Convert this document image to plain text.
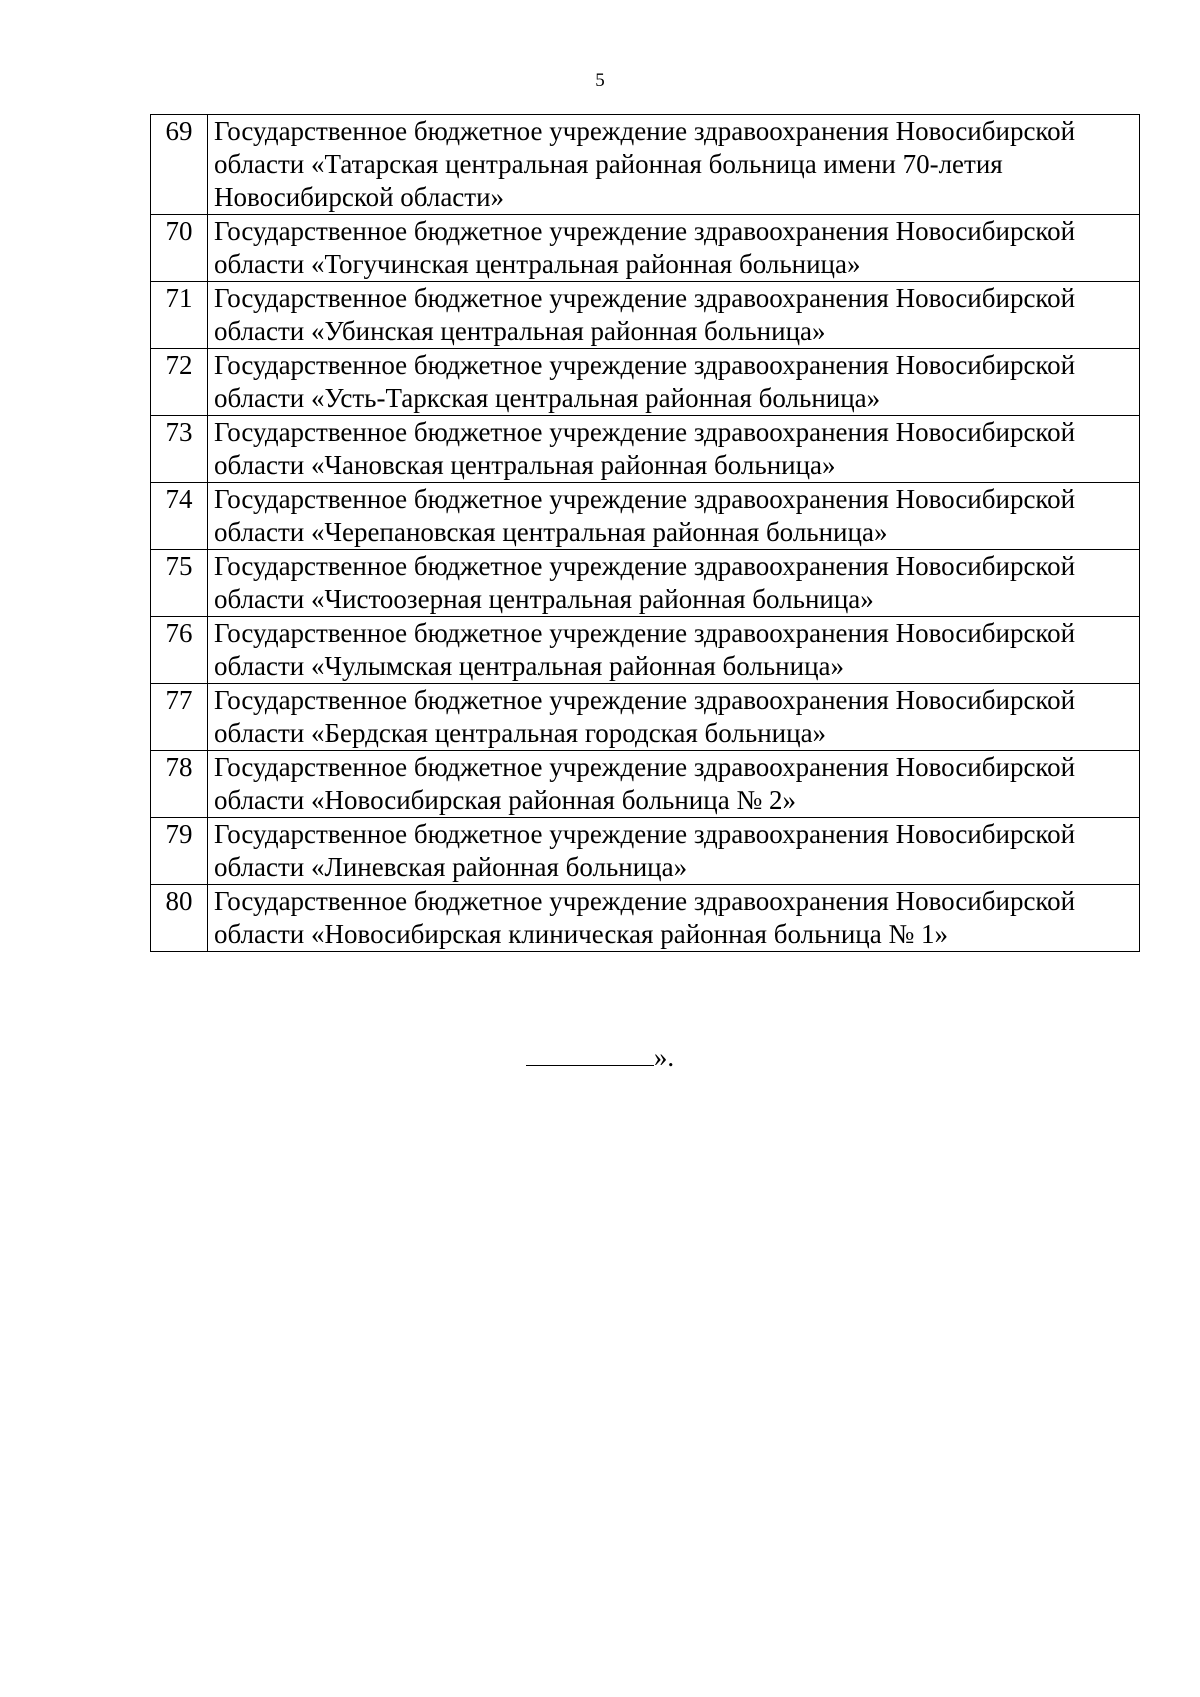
5
69	Государственное бюджетное учреждение здравоохранения Новосибирской области «Татарская центральная районная больница имени 70-летия Новосибирской области»
70	Государственное бюджетное учреждение здравоохранения Новосибирской области «Тогучинская центральная районная больница»
71	Государственное бюджетное учреждение здравоохранения Новосибирской области «Убинская центральная районная больница»
72	Государственное бюджетное учреждение здравоохранения Новосибирской области «Усть-Таркская центральная районная больница»
73	Государственное бюджетное учреждение здравоохранения Новосибирской области «Чановская центральная районная больница»
74	Государственное бюджетное учреждение здравоохранения Новосибирской области «Черепановская центральная районная больница»
75	Государственное бюджетное учреждение здравоохранения Новосибирской области «Чистоозерная центральная районная больница»
76	Государственное бюджетное учреждение здравоохранения Новосибирской области «Чулымская центральная районная больница»
77	Государственное бюджетное учреждение здравоохранения Новосибирской области «Бердская центральная городская больница»
78	Государственное бюджетное учреждение здравоохранения Новосибирской области «Новосибирская районная больница № 2»
79	Государственное бюджетное учреждение здравоохранения Новосибирской области «Линевская районная больница»
80	Государственное бюджетное учреждение здравоохранения Новосибирской области «Новосибирская клиническая районная больница № 1»
».
